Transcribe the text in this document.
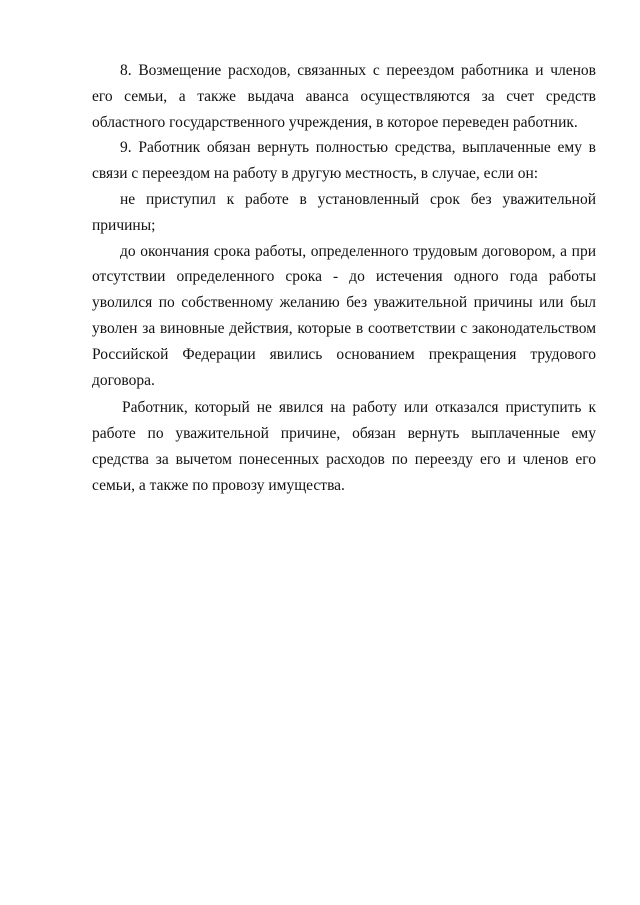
8. Возмещение расходов, связанных с переездом работника и членов его семьи, а также выдача аванса осуществляются за счет средств областного государственного учреждения, в которое переведен работник.

9. Работник обязан вернуть полностью средства, выплаченные ему в связи с переездом на работу в другую местность, в случае, если он:

не приступил к работе в установленный срок без уважительной причины;

до окончания срока работы, определенного трудовым договором, а при отсутствии определенного срока - до истечения одного года работы уволился по собственному желанию без уважительной причины или был уволен за виновные действия, которые в соответствии с законодательством Российской Федерации явились основанием прекращения трудового договора.

Работник, который не явился на работу или отказался приступить к работе по уважительной причине, обязан вернуть выплаченные ему средства за вычетом понесенных расходов по переезду его и членов его семьи, а также по провозу имущества.
